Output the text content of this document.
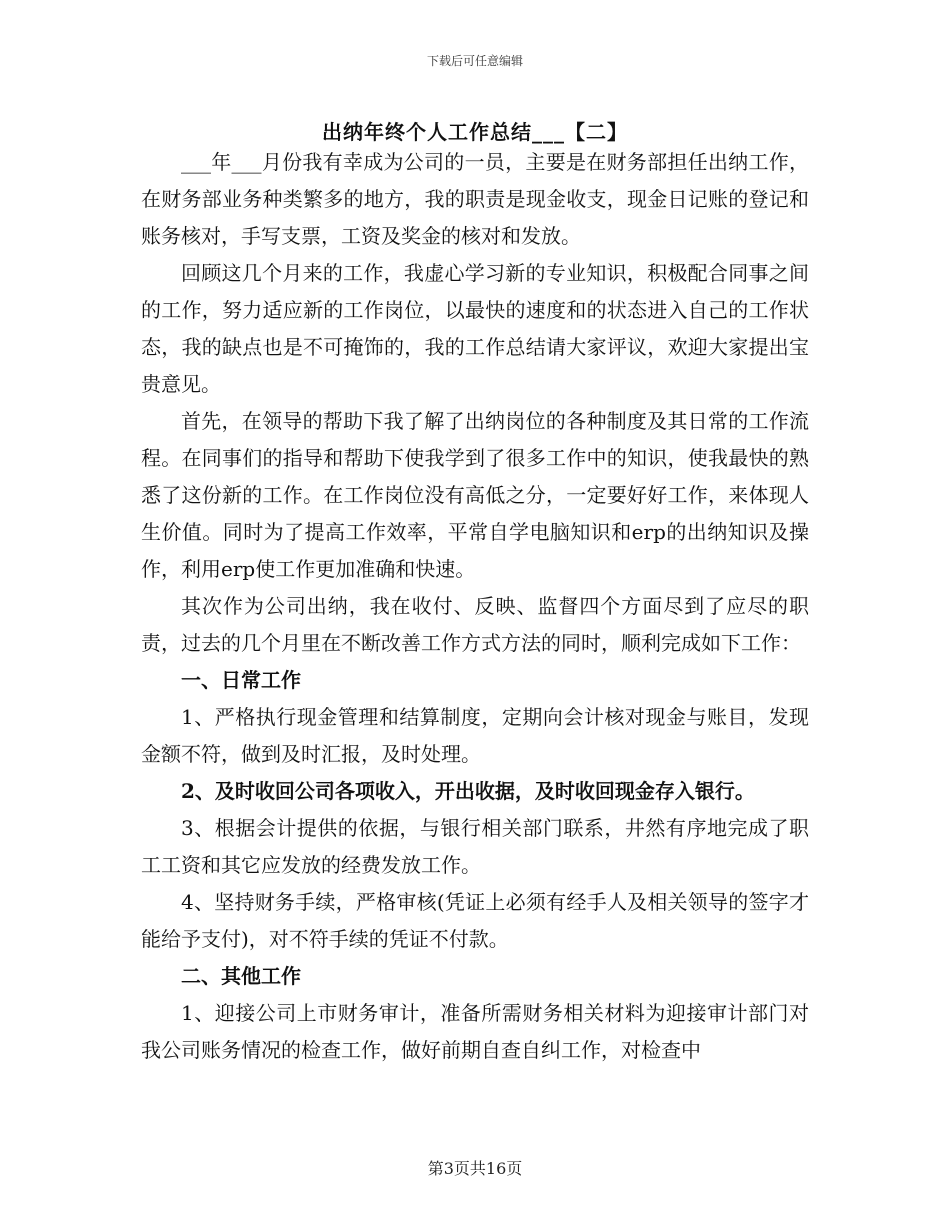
下载后可任意编辑
出纳年终个人工作总结___【二】

___年___月份我有幸成为公司的一员，主要是在财务部担任出纳工作，在财务部业务种类繁多的地方，我的职责是现金收支，现金日记账的登记和账务核对，手写支票，工资及奖金的核对和发放。

回顾这几个月来的工作，我虚心学习新的专业知识，积极配合同事之间的工作，努力适应新的工作岗位，以最快的速度和的状态进入自己的工作状态，我的缺点也是不可掩饰的，我的工作总结请大家评议，欢迎大家提出宝贵意见。

首先，在领导的帮助下我了解了出纳岗位的各种制度及其日常的工作流程。在同事们的指导和帮助下使我学到了很多工作中的知识，使我最快的熟悉了这份新的工作。在工作岗位没有高低之分，一定要好好工作，来体现人生价值。同时为了提高工作效率，平常自学电脑知识和erp的出纳知识及操作，利用erp使工作更加准确和快速。

其次作为公司出纳，我在收付、反映、监督四个方面尽到了应尽的职责，过去的几个月里在不断改善工作方式方法的同时，顺利完成如下工作：

一、日常工作

1、严格执行现金管理和结算制度，定期向会计核对现金与账目，发现金额不符，做到及时汇报，及时处理。

2、及时收回公司各项收入，开出收据，及时收回现金存入银行。

3、根据会计提供的依据，与银行相关部门联系，井然有序地完成了职工工资和其它应发放的经费发放工作。

4、坚持财务手续，严格审核(凭证上必须有经手人及相关领导的签字才能给予支付)，对不符手续的凭证不付款。

二、其他工作

1、迎接公司上市财务审计，准备所需财务相关材料为迎接审计部门对我公司账务情况的检查工作，做好前期自查自纠工作，对检查中

第3页共16页
